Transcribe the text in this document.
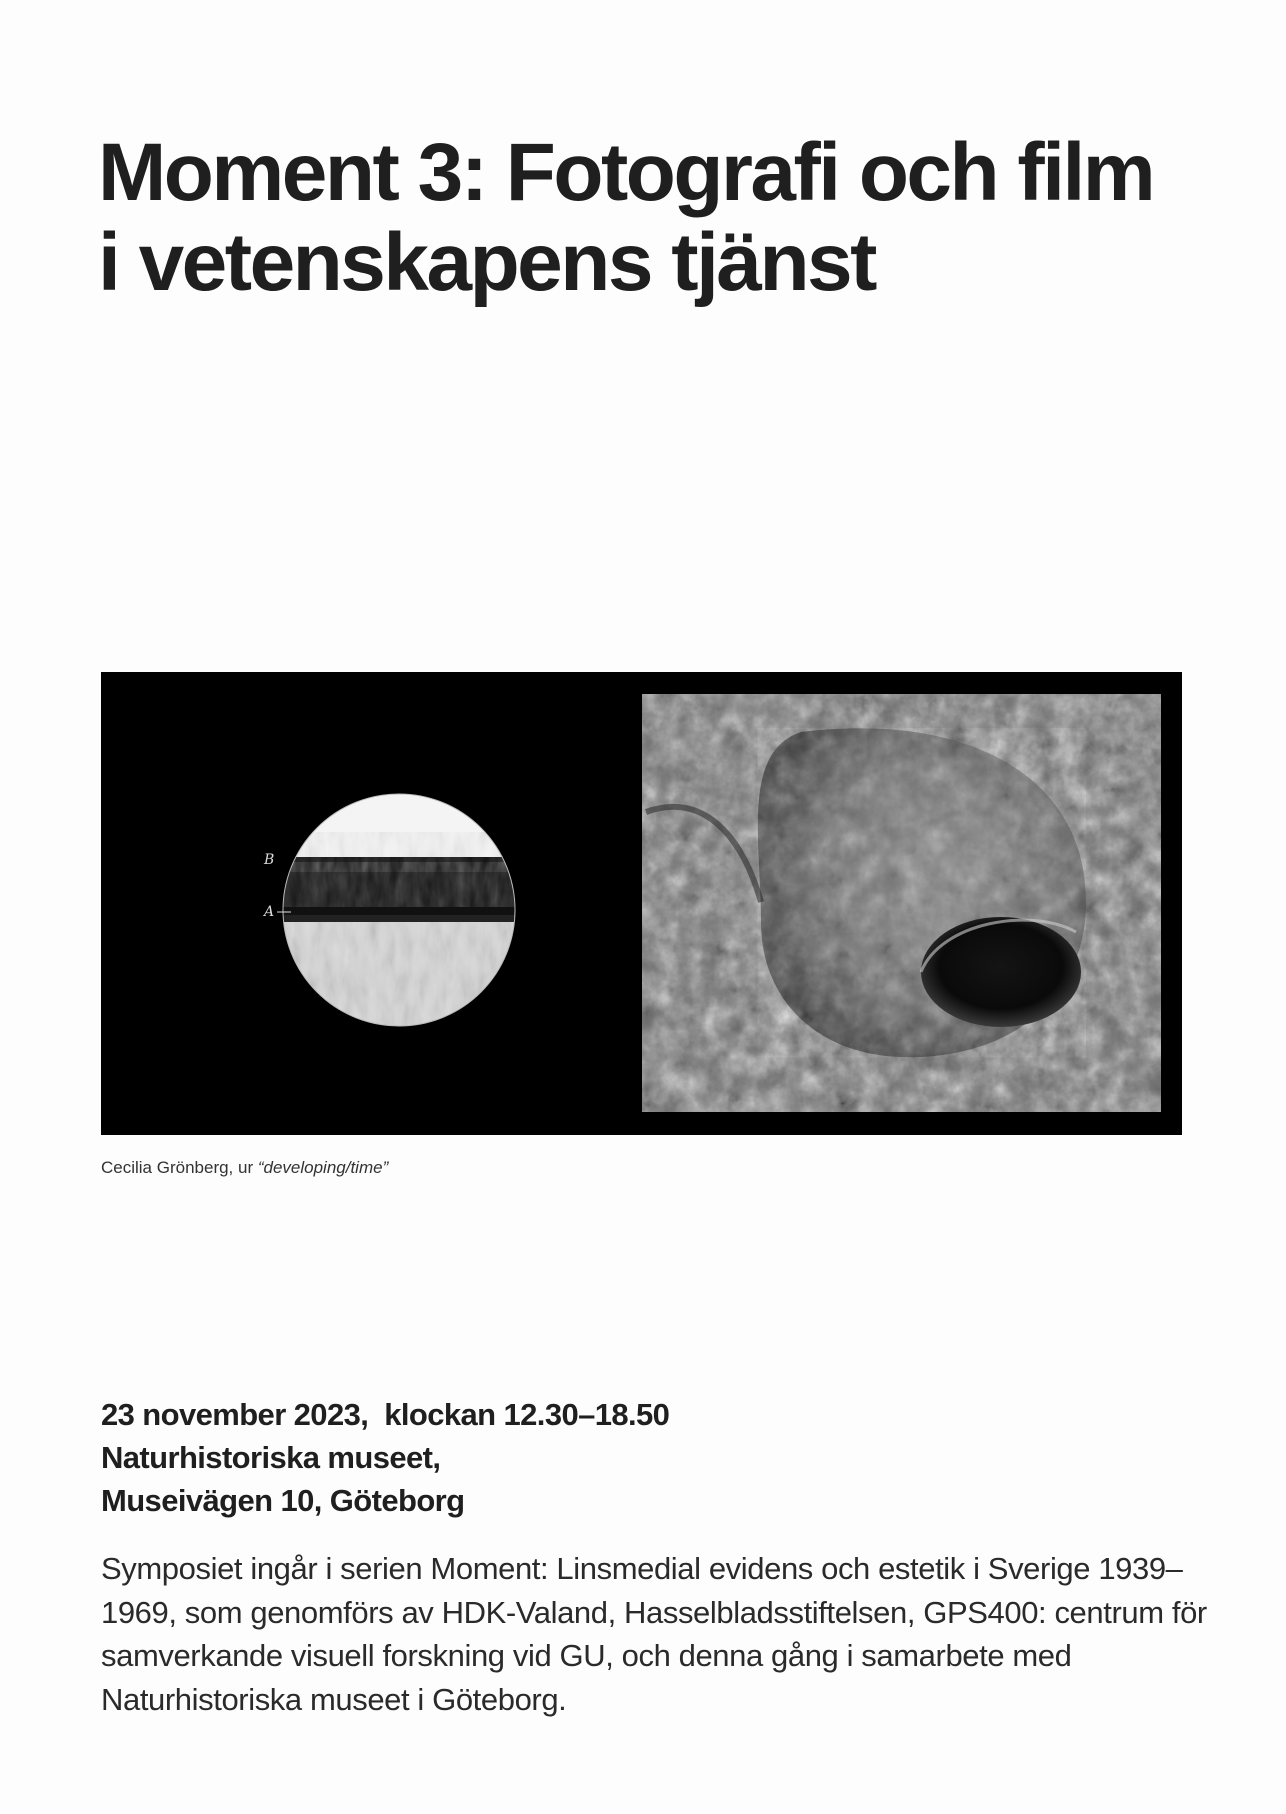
Moment 3: Fotografi och film
i vetenskapens tjänst
B
A

Cecilia Grönberg, ur “developing/time”

23 november 2023,  klockan 12.30–18.50
Naturhistoriska museet,
Museivägen 10, Göteborg

Symposiet ingår i serien Moment: Linsmedial evidens och estetik i Sverige 1939–1969, som genomförs av HDK-Valand, Hasselbladsstiftelsen, GPS400: centrum för samverkande visuell forskning vid GU, och denna gång i samarbete med Naturhistoriska museet i Göteborg.
